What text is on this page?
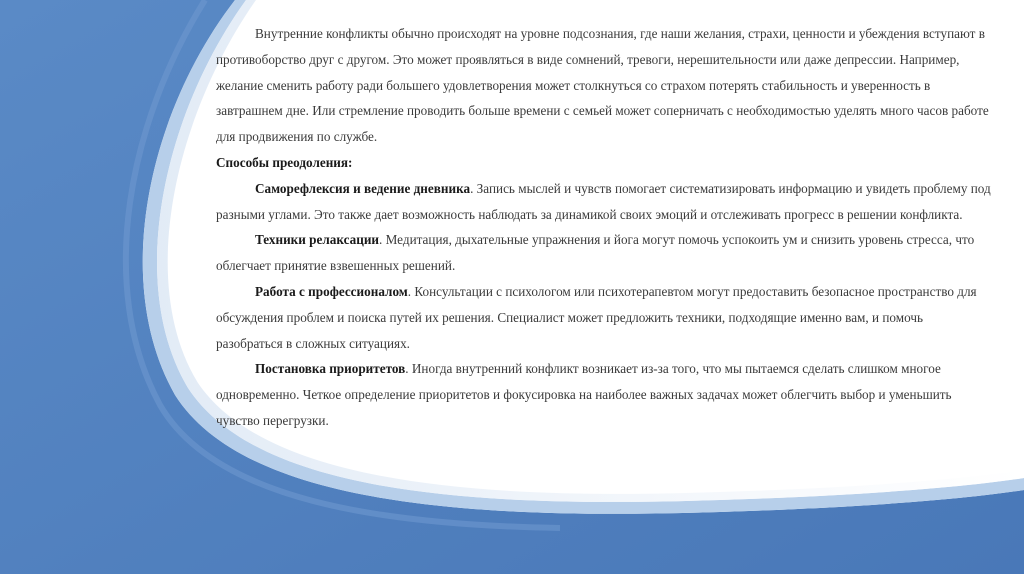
Внутренние конфликты обычно происходят на уровне подсознания, где наши желания, страхи, ценности и убеждения вступают в противоборство друг с другом. Это может проявляться в виде сомнений, тревоги, нерешительности или даже депрессии. Например, желание сменить работу ради большего удовлетворения может столкнуться со страхом потерять стабильность и уверенность в завтрашнем дне. Или стремление проводить больше времени с семьей может соперничать с необходимостью уделять много часов работе для продвижения по службе.

Способы преодоления:

Саморефлексия и ведение дневника. Запись мыслей и чувств помогает систематизировать информацию и увидеть проблему под разными углами. Это также дает возможность наблюдать за динамикой своих эмоций и отслеживать прогресс в решении конфликта.

Техники релаксации. Медитация, дыхательные упражнения и йога могут помочь успокоить ум и снизить уровень стресса, что облегчает принятие взвешенных решений.

Работа с профессионалом. Консультации с психологом или психотерапевтом могут предоставить безопасное пространство для обсуждения проблем и поиска путей их решения. Специалист может предложить техники, подходящие именно вам, и помочь разобраться в сложных ситуациях.

Постановка приоритетов. Иногда внутренний конфликт возникает из-за того, что мы пытаемся сделать слишком многое одновременно. Четкое определение приоритетов и фокусировка на наиболее важных задачах может облегчить выбор и уменьшить чувство перегрузки.
